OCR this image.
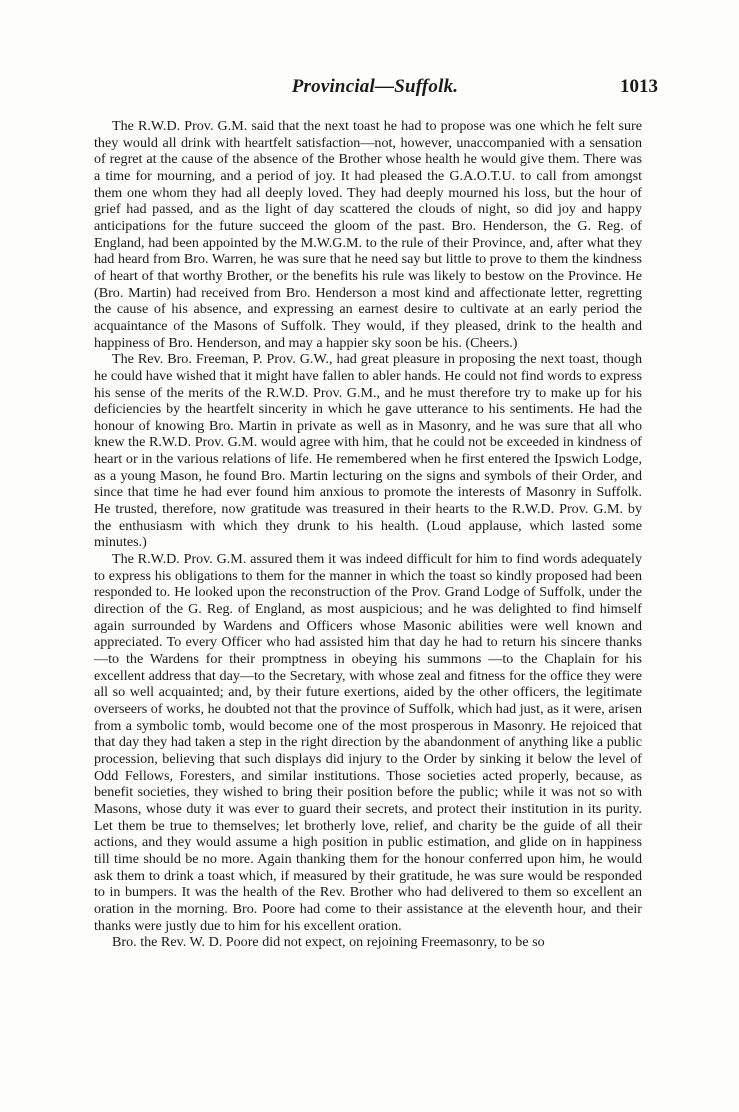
Provincial—Suffolk.	1013

The R.W.D. Prov. G.M. said that the next toast he had to propose was one which he felt sure they would all drink with heartfelt satisfaction—not, however, unaccompanied with a sensation of regret at the cause of the absence of the Brother whose health he would give them. There was a time for mourning, and a period of joy. It had pleased the G.A.O.T.U. to call from amongst them one whom they had all deeply loved. They had deeply mourned his loss, but the hour of grief had passed, and as the light of day scattered the clouds of night, so did joy and happy anticipations for the future succeed the gloom of the past. Bro. Henderson, the G. Reg. of England, had been appointed by the M.W.G.M. to the rule of their Province, and, after what they had heard from Bro. Warren, he was sure that he need say but little to prove to them the kindness of heart of that worthy Brother, or the benefits his rule was likely to bestow on the Province. He (Bro. Martin) had received from Bro. Henderson a most kind and affectionate letter, regretting the cause of his absence, and expressing an earnest desire to cultivate at an early period the acquaintance of the Masons of Suffolk. They would, if they pleased, drink to the health and happiness of Bro. Henderson, and may a happier sky soon be his. (Cheers.)

The Rev. Bro. Freeman, P. Prov. G.W., had great pleasure in proposing the next toast, though he could have wished that it might have fallen to abler hands. He could not find words to express his sense of the merits of the R.W.D. Prov. G.M., and he must therefore try to make up for his deficiencies by the heartfelt sincerity in which he gave utterance to his sentiments. He had the honour of knowing Bro. Martin in private as well as in Masonry, and he was sure that all who knew the R.W.D. Prov. G.M. would agree with him, that he could not be exceeded in kindness of heart or in the various relations of life. He remembered when he first entered the Ipswich Lodge, as a young Mason, he found Bro. Martin lecturing on the signs and symbols of their Order, and since that time he had ever found him anxious to promote the interests of Masonry in Suffolk. He trusted, therefore, now gratitude was treasured in their hearts to the R.W.D. Prov. G.M. by the enthusiasm with which they drunk to his health. (Loud applause, which lasted some minutes.)

The R.W.D. Prov. G.M. assured them it was indeed difficult for him to find words adequately to express his obligations to them for the manner in which the toast so kindly proposed had been responded to. He looked upon the reconstruction of the Prov. Grand Lodge of Suffolk, under the direction of the G. Reg. of England, as most auspicious; and he was delighted to find himself again surrounded by Wardens and Officers whose Masonic abilities were well known and appreciated. To every Officer who had assisted him that day he had to return his sincere thanks—to the Wardens for their promptness in obeying his summons —to the Chaplain for his excellent address that day—to the Secretary, with whose zeal and fitness for the office they were all so well acquainted; and, by their future exertions, aided by the other officers, the legitimate overseers of works, he doubted not that the province of Suffolk, which had just, as it were, arisen from a symbolic tomb, would become one of the most prosperous in Masonry. He rejoiced that that day they had taken a step in the right direction by the abandonment of anything like a public procession, believing that such displays did injury to the Order by sinking it below the level of Odd Fellows, Foresters, and similar institutions. Those societies acted properly, because, as benefit societies, they wished to bring their position before the public; while it was not so with Masons, whose duty it was ever to guard their secrets, and protect their institution in its purity. Let them be true to themselves; let brotherly love, relief, and charity be the guide of all their actions, and they would assume a high position in public estimation, and glide on in happiness till time should be no more. Again thanking them for the honour conferred upon him, he would ask them to drink a toast which, if measured by their gratitude, he was sure would be responded to in bumpers. It was the health of the Rev. Brother who had delivered to them so excellent an oration in the morning. Bro. Poore had come to their assistance at the eleventh hour, and their thanks were justly due to him for his excellent oration.

Bro. the Rev. W. D. Poore did not expect, on rejoining Freemasonry, to be so
